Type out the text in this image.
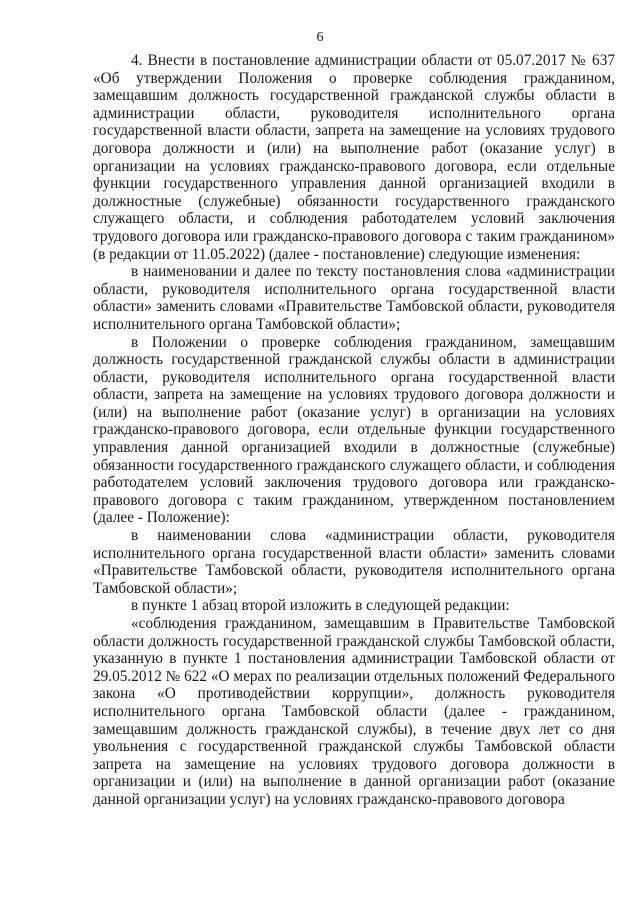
6

4. Внести в постановление администрации области от 05.07.2017 № 637 «Об утверждении Положения о проверке соблюдения гражданином, замещавшим должность государственной гражданской службы области в администрации области, руководителя исполнительного органа государственной власти области, запрета на замещение на условиях трудового договора должности и (или) на выполнение работ (оказание услуг) в организации на условиях гражданско-правового договора, если отдельные функции государственного управления данной организацией входили в должностные (служебные) обязанности государственного гражданского служащего области, и соблюдения работодателем условий заключения трудового договора или гражданско-правового договора с таким гражданином» (в редакции от 11.05.2022) (далее - постановление) следующие изменения:

в наименовании и далее по тексту постановления слова «администрации области, руководителя исполнительного органа государственной власти области» заменить словами «Правительстве Тамбовской области, руководителя исполнительного органа Тамбовской области»;

в Положении о проверке соблюдения гражданином, замещавшим должность государственной гражданской службы области в администрации области, руководителя исполнительного органа государственной власти области, запрета на замещение на условиях трудового договора должности и (или) на выполнение работ (оказание услуг) в организации на условиях гражданско-правового договора, если отдельные функции государственного управления данной организацией входили в должностные (служебные) обязанности государственного гражданского служащего области, и соблюдения работодателем условий заключения трудового договора или гражданско-правового договора с таким гражданином, утвержденном постановлением (далее - Положение):

в наименовании слова «администрации области, руководителя исполнительного органа государственной власти области» заменить словами «Правительстве Тамбовской области, руководителя исполнительного органа Тамбовской области»;

в пункте 1 абзац второй изложить в следующей редакции:

«соблюдения гражданином, замещавшим в Правительстве Тамбовской области должность государственной гражданской службы Тамбовской области, указанную в пункте 1 постановления администрации Тамбовской области от 29.05.2012 № 622 «О мерах по реализации отдельных положений Федерального закона «О противодействии коррупции», должность руководителя исполнительного органа Тамбовской области (далее - гражданином, замещавшим должность гражданской службы), в течение двух лет со дня увольнения с государственной гражданской службы Тамбовской области запрета на замещение на условиях трудового договора должности в организации и (или) на выполнение в данной организации работ (оказание данной организации услуг) на условиях гражданско-правового договора
